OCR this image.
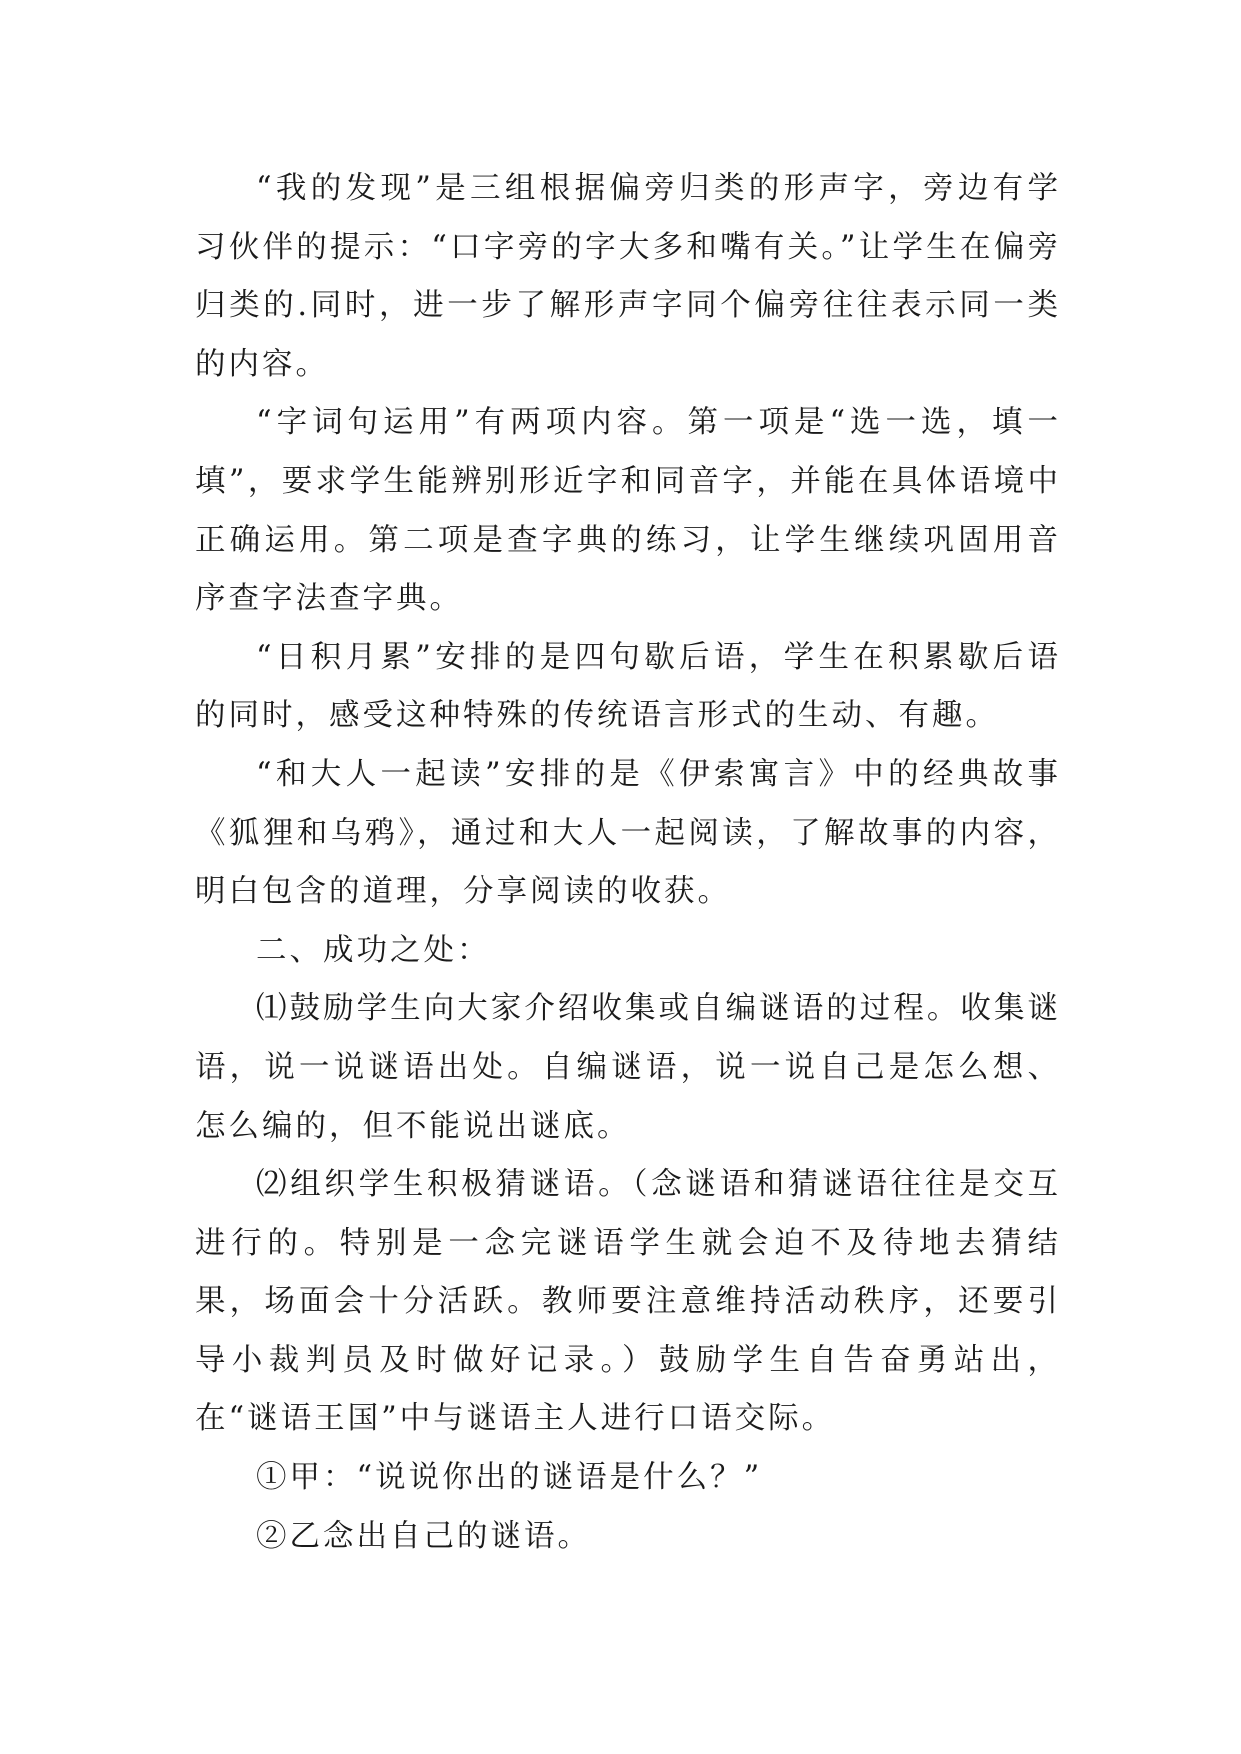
“我的发现”是三组根据偏旁归类的形声字，旁边有学习伙伴的提示：“口字旁的字大多和嘴有关。”让学生在偏旁归类的.同时，进一步了解形声字同个偏旁往往表示同一类的内容。

“字词句运用”有两项内容。第一项是“选一选，填一填”，要求学生能辨别形近字和同音字，并能在具体语境中正确运用。第二项是查字典的练习，让学生继续巩固用音序查字法查字典。

“日积月累”安排的是四句歇后语，学生在积累歇后语的同时，感受这种特殊的传统语言形式的生动、有趣。

“和大人一起读”安排的是《伊索寓言》中的经典故事《狐狸和乌鸦》，通过和大人一起阅读，了解故事的内容，明白包含的道理，分享阅读的收获。

二、成功之处：

⑴鼓励学生向大家介绍收集或自编谜语的过程。收集谜语，说一说谜语出处。自编谜语，说一说自己是怎么想、怎么编的，但不能说出谜底。

⑵组织学生积极猜谜语。（念谜语和猜谜语往往是交互进行的。特别是一念完谜语学生就会迫不及待地去猜结果，场面会十分活跃。教师要注意维持活动秩序，还要引导小裁判员及时做好记录。）鼓励学生自告奋勇站出，在“谜语王国”中与谜语主人进行口语交际。

①甲：“说说你出的谜语是什么？”

②乙念出自己的谜语。
